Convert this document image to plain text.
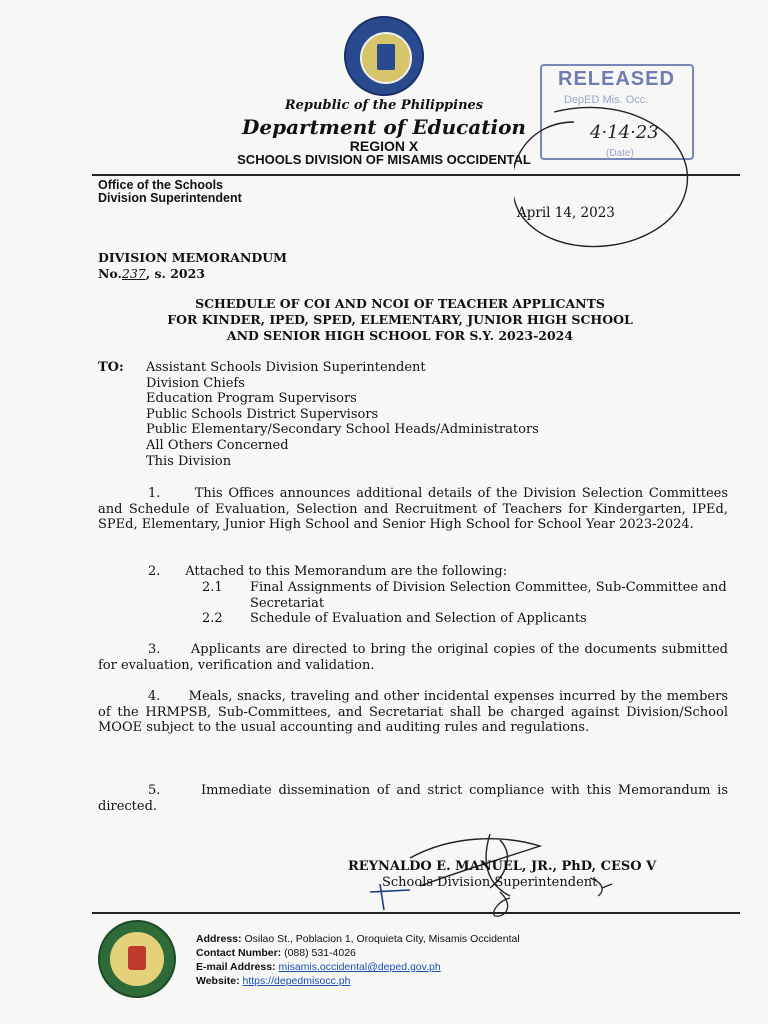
Republic of the Philippines
Department of Education
REGION X
SCHOOLS DIVISION OF MISAMIS OCCIDENTAL
RELEASED
DepED Mis. Occ.
4·14·23
(Date)
Office of the Schools
Division Superintendent
April 14, 2023
DIVISION MEMORANDUM
No.237, s. 2023
SCHEDULE OF COI AND NCOI OF TEACHER APPLICANTS
FOR KINDER, IPED, SPED, ELEMENTARY, JUNIOR HIGH SCHOOL
AND SENIOR HIGH SCHOOL FOR S.Y. 2023-2024
TO: Assistant Schools Division Superintendent
Division Chiefs
Education Program Supervisors
Public Schools District Supervisors
Public Elementary/Secondary School Heads/Administrators
All Others Concerned
This Division
1.	This Offices announces additional details of the Division Selection Committees and Schedule of Evaluation, Selection and Recruitment of Teachers for Kindergarten, IPEd, SPEd, Elementary, Junior High School and Senior High School for School Year 2023-2024.
2. Attached to this Memorandum are the following:
2.1 Final Assignments of Division Selection Committee, Sub-Committee and Secretariat
2.2 Schedule of Evaluation and Selection of Applicants
3. Applicants are directed to bring the original copies of the documents submitted for evaluation, verification and validation.
4. Meals, snacks, traveling and other incidental expenses incurred by the members of the HRMPSB, Sub-Committees, and Secretariat shall be charged against Division/School MOOE subject to the usual accounting and auditing rules and regulations.
5.	Immediate dissemination of and strict compliance with this Memorandum is directed.
REYNALDO E. MANUEL, JR., PhD, CESO V
Schools Division Superintendent
Address: Osilao St., Poblacion 1, Oroquieta City, Misamis Occidental
Contact Number: (088) 531-4026
E-mail Address: misamis.occidental@deped.gov.ph
Website: https://depedmisocc.ph
